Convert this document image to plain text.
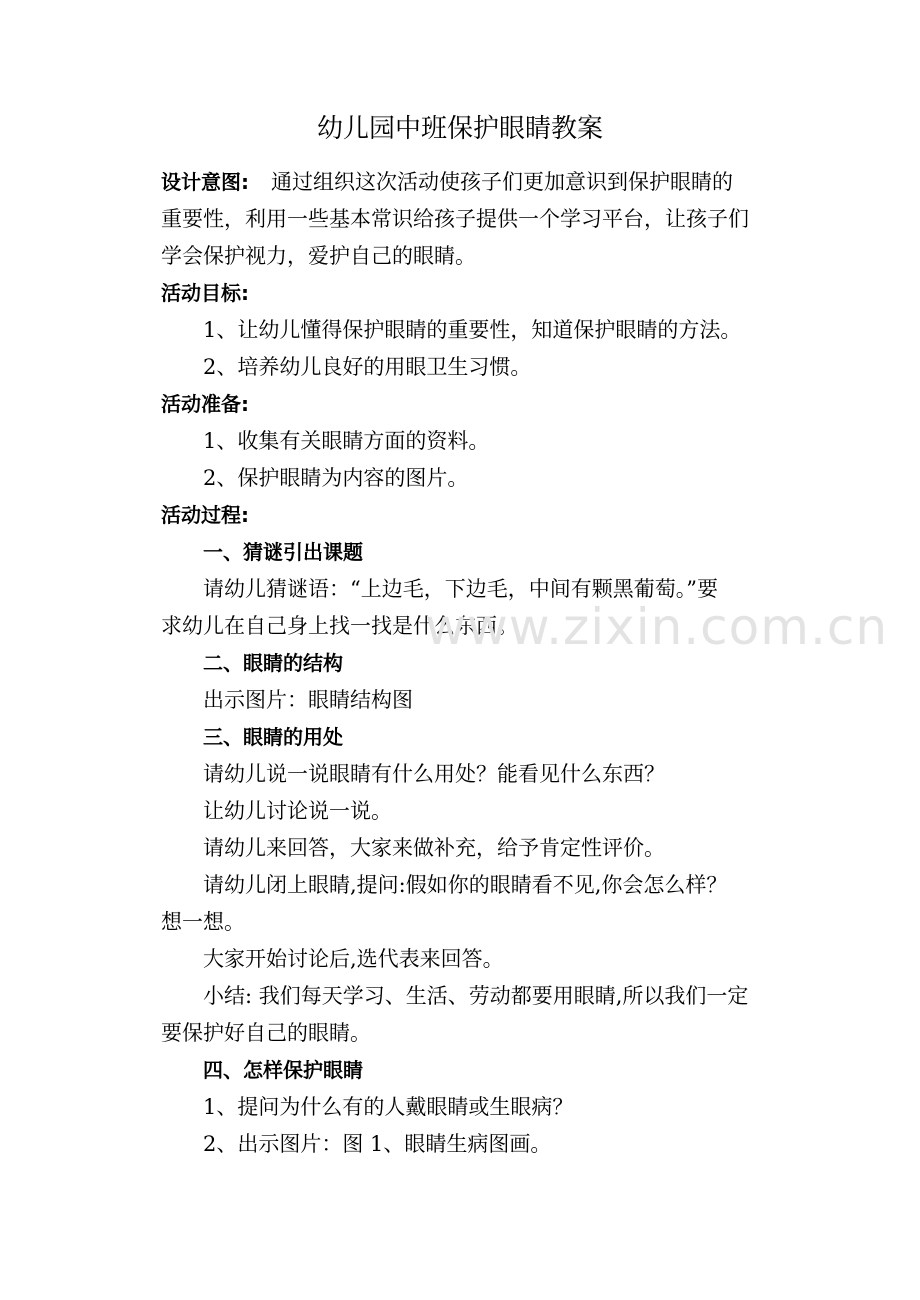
幼儿园中班保护眼睛教案

设计意图: 通过组织这次活动使孩子们更加意识到保护眼睛的

重要性，利用一些基本常识给孩子提供一个学习平台，让孩子们

学会保护视力，爱护自己的眼睛。

活动目标:

1、让幼儿懂得保护眼睛的重要性，知道保护眼睛的方法。

2、培养幼儿良好的用眼卫生习惯。

活动准备:

1、收集有关眼睛方面的资料。

2、保护眼睛为内容的图片。

活动过程:

一、猜谜引出课题

请幼儿猜谜语：“上边毛，下边毛，中间有颗黑葡萄。”要

求幼儿在自己身上找一找是什么东西。

二、眼睛的结构

出示图片：眼睛结构图

三、眼睛的用处

请幼儿说一说眼睛有什么用处？能看见什么东西？

让幼儿讨论说一说。

请幼儿来回答，大家来做补充，给予肯定性评价。

请幼儿闭上眼睛,提问:假如你的眼睛看不见,你会怎么样？

想一想。

大家开始讨论后,选代表来回答。

小结: 我们每天学习、生活、劳动都要用眼睛,所以我们一定

要保护好自己的眼睛。

四、怎样保护眼睛

1、提问为什么有的人戴眼睛或生眼病？

2、出示图片：图 1、眼睛生病图画。

www.zixin.com.cn
